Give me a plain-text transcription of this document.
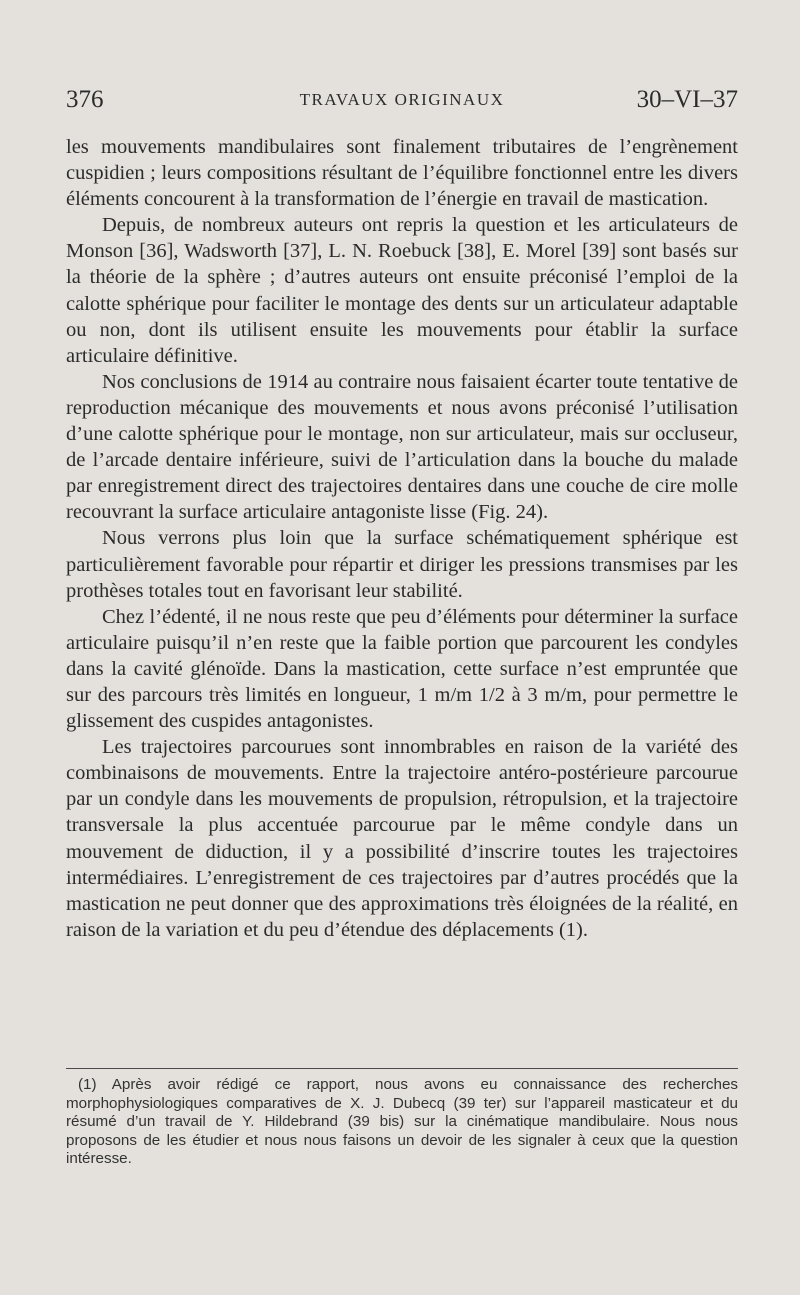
376	TRAVAUX ORIGINAUX	30–VI–37

les mouvements mandibulaires sont finalement tributaires de l’engrènement cuspidien ; leurs compositions résultant de l’équilibre fonctionnel entre les divers éléments concourent à la transformation de l’énergie en travail de mastication.

Depuis, de nombreux auteurs ont repris la question et les articulateurs de Monson [36], Wadsworth [37], L. N. Roebuck [38], E. Morel [39] sont basés sur la théorie de la sphère ; d’autres auteurs ont ensuite préconisé l’emploi de la calotte sphérique pour faciliter le montage des dents sur un articulateur adaptable ou non, dont ils utilisent ensuite les mouvements pour établir la surface articulaire définitive.

Nos conclusions de 1914 au contraire nous faisaient écarter toute tentative de reproduction mécanique des mouvements et nous avons préconisé l’utilisation d’une calotte sphérique pour le montage, non sur articulateur, mais sur occluseur, de l’arcade dentaire inférieure, suivi de l’articulation dans la bouche du malade par enregistrement direct des trajectoires dentaires dans une couche de cire molle recouvrant la surface articulaire antagoniste lisse (Fig. 24).

Nous verrons plus loin que la surface schématiquement sphérique est particulièrement favorable pour répartir et diriger les pressions transmises par les prothèses totales tout en favorisant leur stabilité.

Chez l’édenté, il ne nous reste que peu d’éléments pour déterminer la surface articulaire puisqu’il n’en reste que la faible portion que parcourent les condyles dans la cavité glénoïde. Dans la mastication, cette surface n’est empruntée que sur des parcours très limités en longueur, 1 m/m 1/2 à 3 m/m, pour permettre le glissement des cuspides antagonistes.

Les trajectoires parcourues sont innombrables en raison de la variété des combinaisons de mouvements. Entre la trajectoire antéro-postérieure parcourue par un condyle dans les mouvements de propulsion, rétropulsion, et la trajectoire transversale la plus accentuée parcourue par le même condyle dans un mouvement de diduction, il y a possibilité d’inscrire toutes les trajectoires intermédiaires. L’enregistrement de ces trajectoires par d’autres procédés que la mastication ne peut donner que des approximations très éloignées de la réalité, en raison de la variation et du peu d’étendue des déplacements (1).

(1) Après avoir rédigé ce rapport, nous avons eu connaissance des recherches morphophysiologiques comparatives de X. J. Dubecq (39 ter) sur l’appareil masticateur et du résumé d’un travail de Y. Hildebrand (39 bis) sur la cinématique mandibulaire. Nous nous proposons de les étudier et nous nous faisons un devoir de les signaler à ceux que la question intéresse.
